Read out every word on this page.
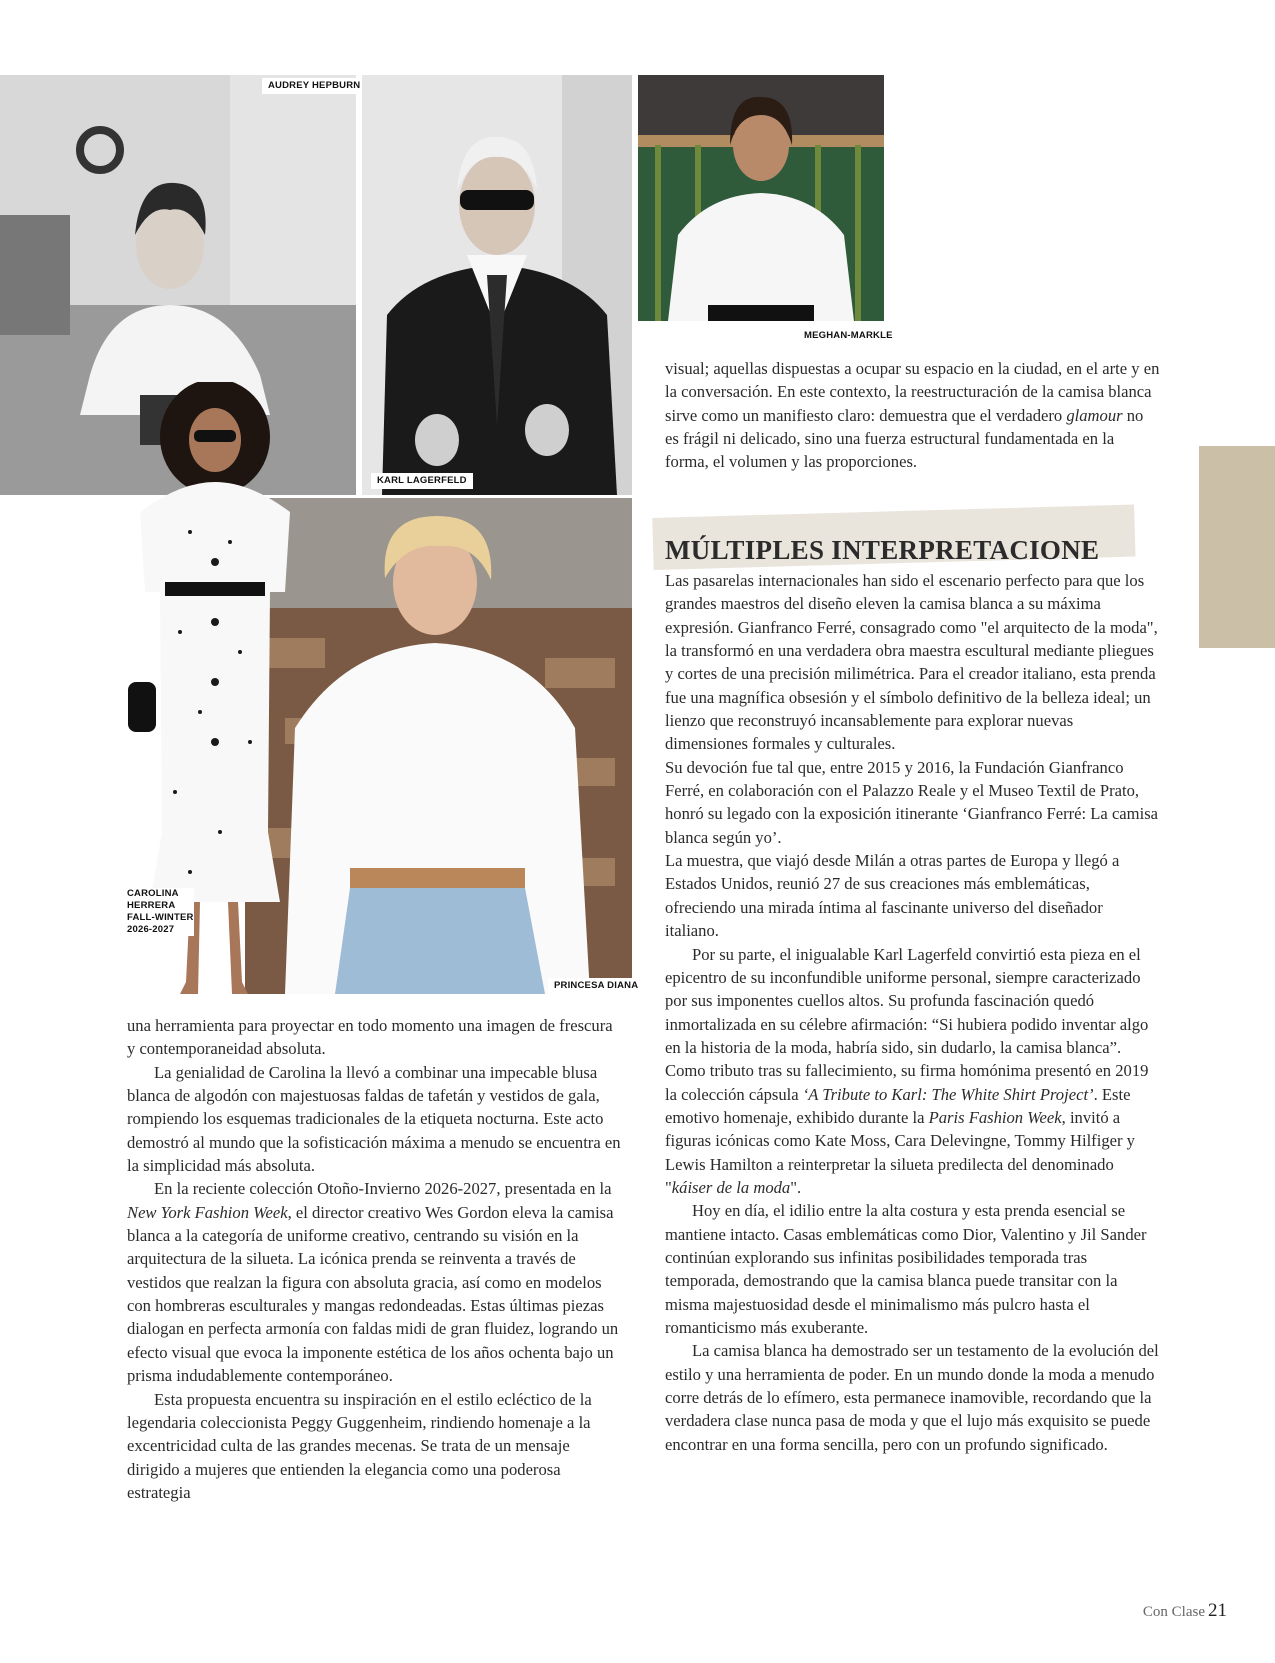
AUDREY HEPBURN
KARL LAGERFELD
MEGHAN-MARKLE
CAROLINA
HERRERA
FALL-WINTER
2026-2027
PRINCESA DIANA

una herramienta para proyectar en todo momento una imagen de frescura y contemporaneidad absoluta.

La genialidad de Carolina la llevó a combinar una impecable blusa blanca de algodón con majestuosas faldas de tafetán y vestidos de gala, rompiendo los esquemas tradicionales de la etiqueta nocturna. Este acto demostró al mundo que la sofisticación máxima a menudo se encuentra en la simplicidad más absoluta.

En la reciente colección Otoño-Invierno 2026-2027, presentada en la New York Fashion Week, el director creativo Wes Gordon eleva la camisa blanca a la categoría de uniforme creativo, centrando su visión en la arquitectura de la silueta. La icónica prenda se reinventa a través de vestidos que realzan la figura con absoluta gracia, así como en modelos con hombreras esculturales y mangas redondeadas. Estas últimas piezas dialogan en perfecta armonía con faldas midi de gran fluidez, logrando un efecto visual que evoca la imponente estética de los años ochenta bajo un prisma indudablemente contemporáneo.

Esta propuesta encuentra su inspiración en el estilo ecléctico de la legendaria coleccionista Peggy Guggenheim, rindiendo homenaje a la excentricidad culta de las grandes mecenas. Se trata de un mensaje dirigido a mujeres que entienden la elegancia como una poderosa estrategia

visual; aquellas dispuestas a ocupar su espacio en la ciudad, en el arte y en la conversación. En este contexto, la reestructuración de la camisa blanca sirve como un manifiesto claro: demuestra que el verdadero glamour no es frágil ni delicado, sino una fuerza estructural fundamentada en la forma, el volumen y las proporciones.

MÚLTIPLES INTERPRETACIONE

Las pasarelas internacionales han sido el escenario perfecto para que los grandes maestros del diseño eleven la camisa blanca a su máxima expresión. Gianfranco Ferré, consagrado como "el arquitecto de la moda", la transformó en una verdadera obra maestra escultural mediante pliegues y cortes de una precisión milimétrica. Para el creador italiano, esta prenda fue una magnífica obsesión y el símbolo definitivo de la belleza ideal; un lienzo que reconstruyó incansablemente para explorar nuevas dimensiones formales y culturales.

Su devoción fue tal que, entre 2015 y 2016, la Fundación Gianfranco Ferré, en colaboración con el Palazzo Reale y el Museo Textil de Prato, honró su legado con la exposición itinerante ‘Gianfranco Ferré: La camisa blanca según yo’.

La muestra, que viajó desde Milán a otras partes de Europa y llegó a Estados Unidos, reunió 27 de sus creaciones más emblemáticas, ofreciendo una mirada íntima al fascinante universo del diseñador italiano.

Por su parte, el inigualable Karl Lagerfeld convirtió esta pieza en el epicentro de su inconfundible uniforme personal, siempre caracterizado por sus imponentes cuellos altos. Su profunda fascinación quedó inmortalizada en su célebre afirmación: “Si hubiera podido inventar algo en la historia de la moda, habría sido, sin dudarlo, la camisa blanca”. Como tributo tras su fallecimiento, su firma homónima presentó en 2019 la colección cápsula ‘A Tribute to Karl: The White Shirt Project’. Este emotivo homenaje, exhibido durante la Paris Fashion Week, invitó a figuras icónicas como Kate Moss, Cara Delevingne, Tommy Hilfiger y Lewis Hamilton a reinterpretar la silueta predilecta del denominado "káiser de la moda".

Hoy en día, el idilio entre la alta costura y esta prenda esencial se mantiene intacto. Casas emblemáticas como Dior, Valentino y Jil Sander continúan explorando sus infinitas posibilidades temporada tras temporada, demostrando que la camisa blanca puede transitar con la misma majestuosidad desde el minimalismo más pulcro hasta el romanticismo más exuberante.

La camisa blanca ha demostrado ser un testamento de la evolución del estilo y una herramienta de poder. En un mundo donde la moda a menudo corre detrás de lo efímero, esta permanece inamovible, recordando que la verdadera clase nunca pasa de moda y que el lujo más exquisito se puede encontrar en una forma sencilla, pero con un profundo significado.

Con Clase 21
